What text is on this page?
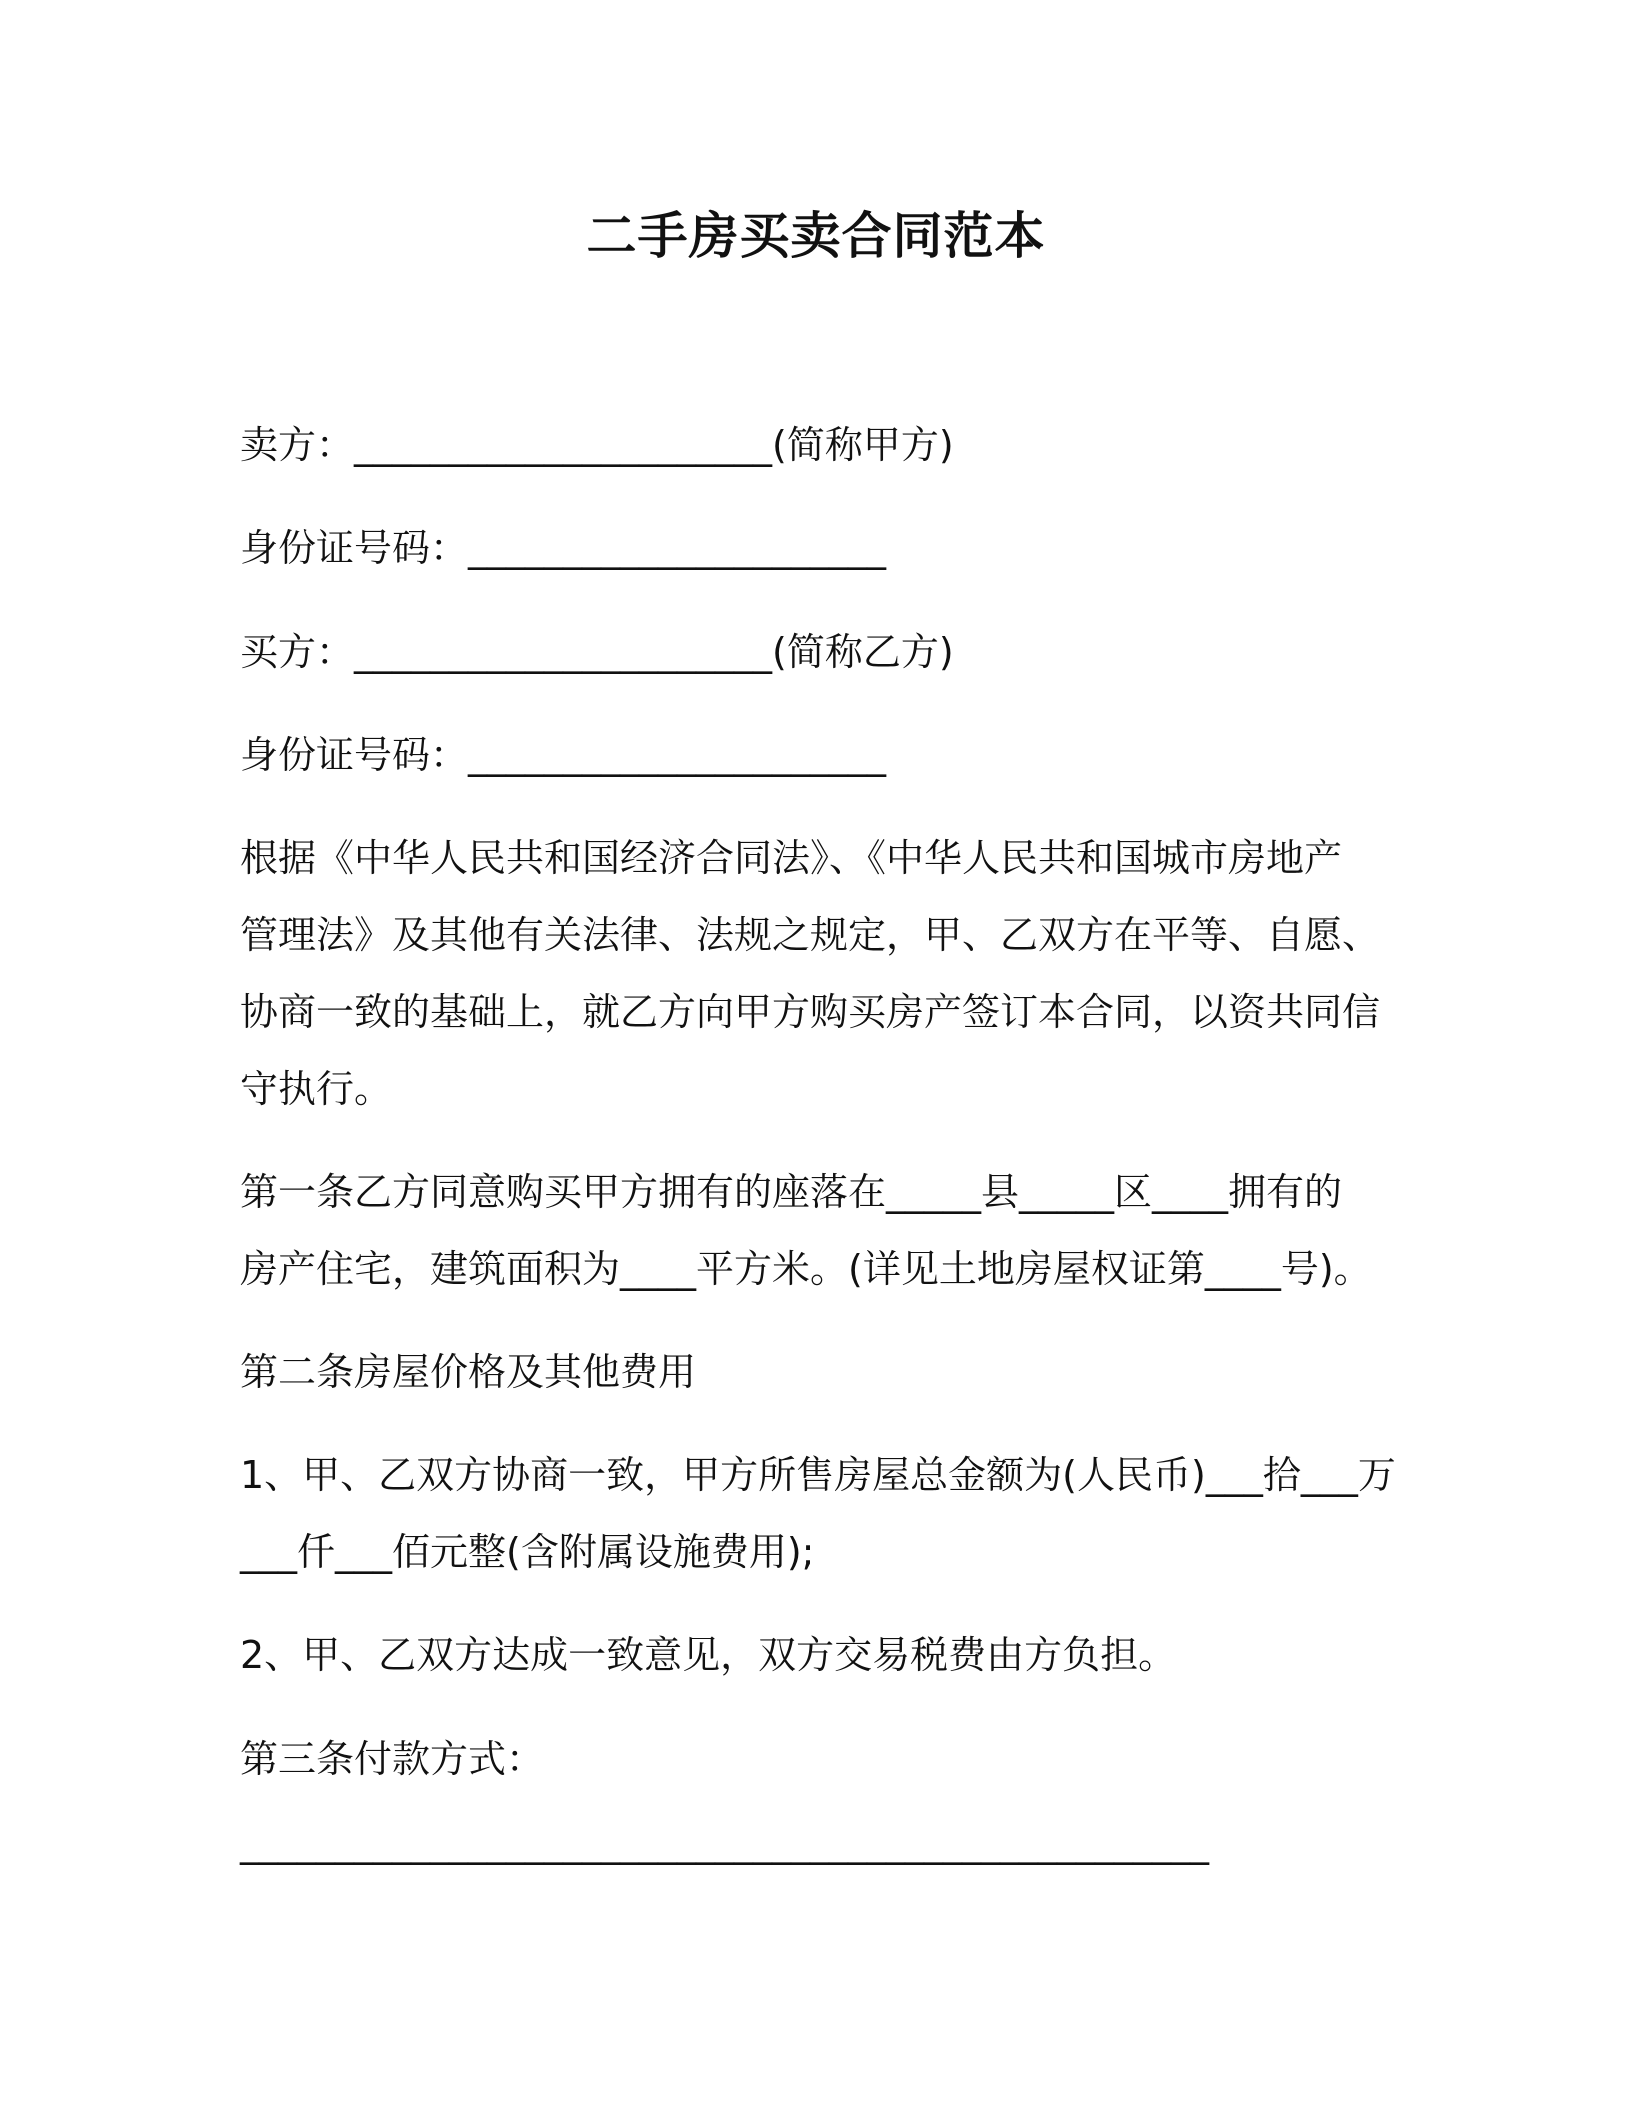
二手房买卖合同范本
卖方：______________________(简称甲方)
身份证号码：______________________
买方：______________________(简称乙方)
身份证号码：______________________
根据《中华人民共和国经济合同法》、《中华人民共和国城市房地产
管理法》及其他有关法律、法规之规定，甲、乙双方在平等、自愿、
协商一致的基础上，就乙方向甲方购买房产签订本合同，以资共同信
守执行。
第一条乙方同意购买甲方拥有的座落在_____县_____区____拥有的
房产住宅，建筑面积为____平方米。(详见土地房屋权证第____号)。
第二条房屋价格及其他费用
1、甲、乙双方协商一致，甲方所售房屋总金额为(人民币)___拾___万
___仟___佰元整(含附属设施费用);
2、甲、乙双方达成一致意见，双方交易税费由方负担。
第三条付款方式：
___________________________________________________
